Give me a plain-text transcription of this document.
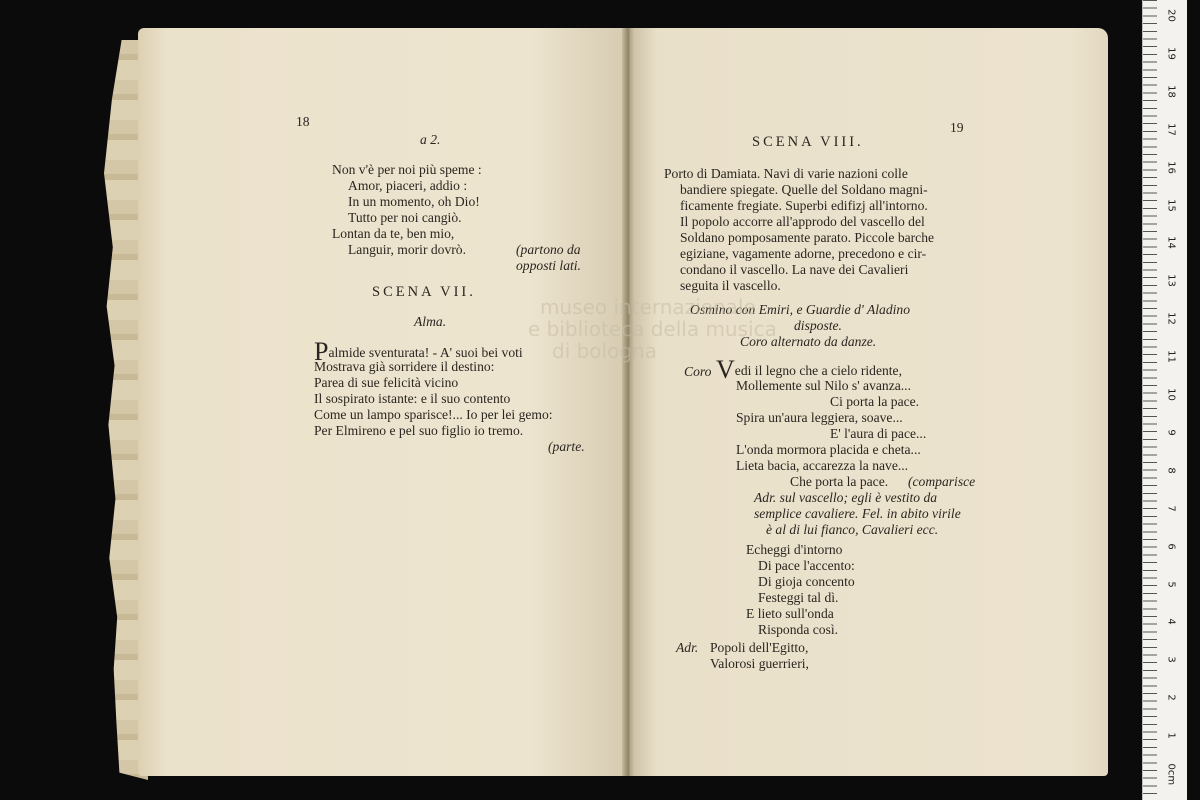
18
a 2.
Non v'è per noi più speme :
Amor, piaceri, addio :
In un momento, oh Dio!
Tutto per noi cangiò.
Lontan da te, ben mio,
Languir, morir dovrò.	(partono da
opposti lati.
SCENA VII.
Alma.
Palmide sventurata! - A' suoi bei voti
Mostrava già sorridere il destino:
Parea di sue felicità vicino
Il sospirato istante: e il suo contento
Come un lampo sparisce!... Io per lei gemo:
Per Elmireno e pel suo figlio io tremo.
(parte.
19
SCENA VIII.
Porto di Damiata. Navi di varie nazioni colle
bandiere spiegate. Quelle del Soldano magni-
ficamente fregiate. Superbi edifizj all'intorno.
Il popolo accorre all'approdo del vascello del
Soldano pomposamente parato. Piccole barche
egiziane, vagamente adorne, precedono e cir-
condano il vascello. La nave dei Cavalieri
seguita il vascello.
Osmino con Emiri, e Guardie d' Aladino
disposte.
Coro alternato da danze.
Coro Vedi il legno che a cielo ridente,
Mollemente sul Nilo s' avanza...
Ci porta la pace.
Spira un'aura leggiera, soave...
E' l'aura di pace...
L'onda mormora placida e cheta...
Lieta bacia, accarezza la nave...
Che porta la pace. (comparisce
Adr. sul vascello; egli è vestito da
semplice cavaliere. Fel. in abito virile
è al di lui fianco, Cavalieri ecc.
Echeggi d'intorno
Di pace l'accento:
Di gioja concento
Festeggi tal dì.
E lieto sull'onda
Risponda così.
Adr. Popoli dell'Egitto,
Valorosi guerrieri,
museo internazionale
e biblioteca della musica
di bologna
0cm
1
2
3
4
5
6
7
8
9
10
11
12
13
14
15
16
17
18
19
20
